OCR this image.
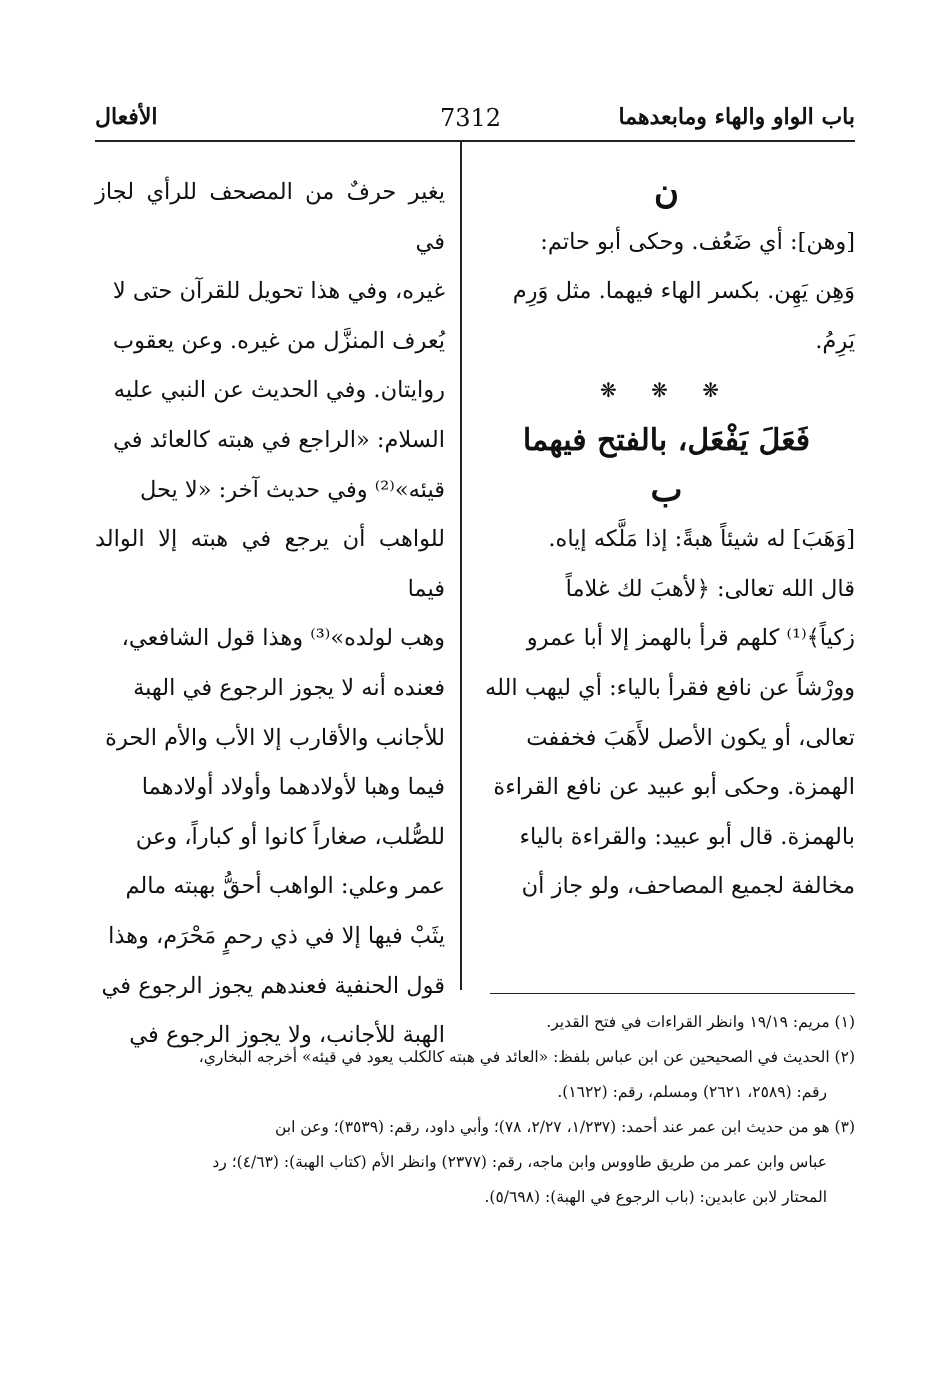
باب الواو والهاء ومابعدهما
7312
الأفعال

ن

[وهن]: أي ضَعُف. وحكى أبو حاتم:

وَهِن يَهِن. بكسر الهاء فيهما. مثل وَرِم

يَرِمُ.

❋ ❋ ❋

فَعَلَ يَفْعَل، بالفتح فيهما

ب

[وَهَبَ] له شيئاً هبةً: إذا مَلَّكه إياه.

قال الله تعالى: ﴿لأهبَ لك غلاماً

زكياً﴾⁽¹⁾ كلهم قرأ بالهمز إلا أبا عمرو

وورْشاً عن نافع فقرأ بالياء: أي ليهب الله

تعالى، أو يكون الأصل لأَهَبَ فخففت

الهمزة. وحكى أبو عبيد عن نافع القراءة

بالهمزة. قال أبو عبيد: والقراءة بالياء

مخالفة لجميع المصاحف، ولو جاز أن

يغير حرفٌ من المصحف للرأي لجاز في

غيره، وفي هذا تحويل للقرآن حتى لا

يُعرف المنزَّل من غيره. وعن يعقوب

روايتان. وفي الحديث عن النبي عليه

السلام: «الراجع في هبته كالعائد في

قيئه»⁽²⁾ وفي حديث آخر: «لا يحل

للواهب أن يرجع في هبته إلا الوالد فيما

وهب لولده»⁽³⁾ وهذا قول الشافعي،

فعنده أنه لا يجوز الرجوع في الهبة

للأجانب والأقارب إلا الأب والأم الحرة

فيما وهبا لأولادهما وأولاد أولادهما

للصُّلب، صغاراً كانوا أو كباراً، وعن

عمر وعلي: الواهب أحقُّ بهبته مالم

يثَبْ فيها إلا في ذي رحمٍ مَحْرَم، وهذا

قول الحنفية فعندهم يجوز الرجوع في

الهبة للأجانب، ولا يجوز الرجوع في

(١) مريم: ١٩/١٩ وانظر القراءات في فتح القدير.

(٢) الحديث في الصحيحين عن ابن عباس بلفظ: «العائد في هبته كالكلب يعود في قيئه» أخرجه البخاري،

رقم: (٢٥٨٩، ٢٦٢١) ومسلم، رقم: (١٦٢٢).

(٣) هو من حديث ابن عمر عند أحمد: (١/٢٣٧، ٢/٢٧، ٧٨)؛ وأبي داود، رقم: (٣٥٣٩)؛ وعن ابن

عباس وابن عمر من طريق طاووس وابن ماجه، رقم: (٢٣٧٧) وانظر الأم (كتاب الهبة): (٤/٦٣)؛ رد

المحتار لابن عابدين: (باب الرجوع في الهبة): (٥/٦٩٨).
